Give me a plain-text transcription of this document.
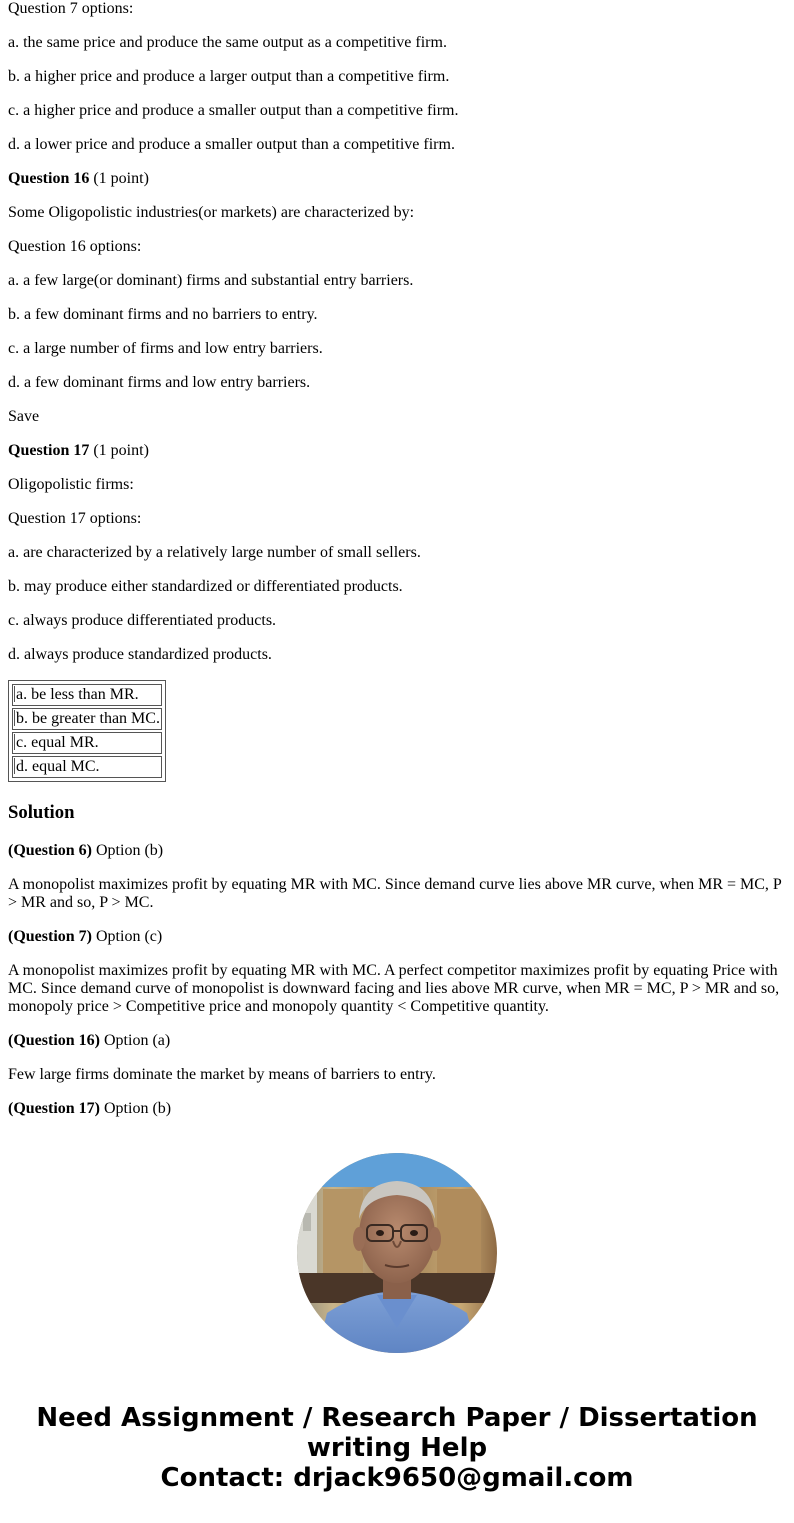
Question 7 options:

a. the same price and produce the same output as a competitive firm.

b. a higher price and produce a larger output than a competitive firm.

c. a higher price and produce a smaller output than a competitive firm.

d. a lower price and produce a smaller output than a competitive firm.

Question 16 (1 point)

Some Oligopolistic industries(or markets) are characterized by:

Question 16 options:

a. a few large(or dominant) firms and substantial entry barriers.

b. a few dominant firms and no barriers to entry.

c. a large number of firms and low entry barriers.

d. a few dominant firms and low entry barriers.

Save

Question 17 (1 point)

Oligopolistic firms:

Question 17 options:

a. are characterized by a relatively large number of small sellers.

b. may produce either standardized or differentiated products.

c. always produce differentiated products.

d. always produce standardized products.

a. be less than MR.
b. be greater than MC.
c. equal MR.
d. equal MC.
Solution

(Question 6) Option (b)

A monopolist maximizes profit by equating MR with MC. Since demand curve lies above MR curve, when MR = MC, P > MR and so, P > MC.

(Question 7) Option (c)

A monopolist maximizes profit by equating MR with MC. A perfect competitor maximizes profit by equating Price with MC. Since demand curve of monopolist is downward facing and lies above MR curve, when MR = MC, P > MR and so, monopoly price > Competitive price and monopoly quantity < Competitive quantity.

(Question 16) Option (a)

Few large firms dominate the market by means of barriers to entry.

(Question 17) Option (b)

Need Assignment / Research Paper / Dissertation
writing Help
Contact: drjack9650@gmail.com
